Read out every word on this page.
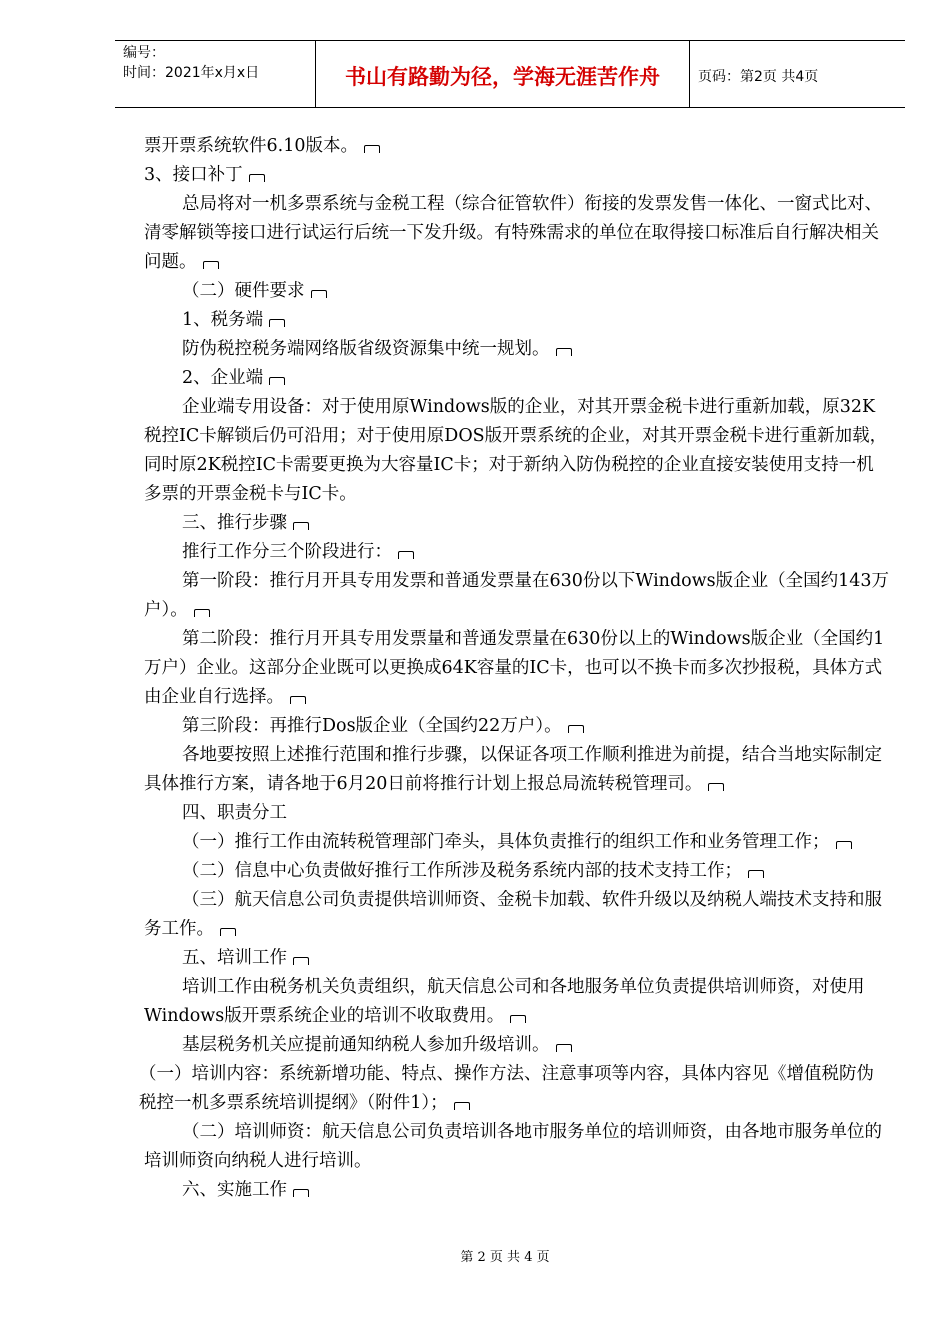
编号：
时间：2021年x月x日	书山有路勤为径，学海无涯苦作舟	页码：第2页 共4页

票开票系统软件6.10版本。

3、接口补丁

总局将对一机多票系统与金税工程（综合征管软件）衔接的发票发售一体化、一窗式比对、清零解锁等接口进行试运行后统一下发升级。有特殊需求的单位在取得接口标准后自行解决相关问题。

（二）硬件要求

1、税务端

防伪税控税务端网络版省级资源集中统一规划。

2、企业端

企业端专用设备：对于使用原Windows版的企业，对其开票金税卡进行重新加载，原32K税控IC卡解锁后仍可沿用；对于使用原DOS版开票系统的企业，对其开票金税卡进行重新加载，同时原2K税控IC卡需要更换为大容量IC卡；对于新纳入防伪税控的企业直接安装使用支持一机多票的开票金税卡与IC卡。

三、推行步骤

推行工作分三个阶段进行：

第一阶段：推行月开具专用发票和普通发票量在630份以下Windows版企业（全国约143万户）。

第二阶段：推行月开具专用发票量和普通发票量在630份以上的Windows版企业（全国约1万户）企业。这部分企业既可以更换成64K容量的IC卡，也可以不换卡而多次抄报税，具体方式由企业自行选择。

第三阶段：再推行Dos版企业（全国约22万户）。

各地要按照上述推行范围和推行步骤，以保证各项工作顺利推进为前提，结合当地实际制定具体推行方案，请各地于6月20日前将推行计划上报总局流转税管理司。

四、职责分工

（一）推行工作由流转税管理部门牵头，具体负责推行的组织工作和业务管理工作；

（二）信息中心负责做好推行工作所涉及税务系统内部的技术支持工作；

（三）航天信息公司负责提供培训师资、金税卡加载、软件升级以及纳税人端技术支持和服务工作。

五、培训工作

培训工作由税务机关负责组织，航天信息公司和各地服务单位负责提供培训师资，对使用Windows版开票系统企业的培训不收取费用。

基层税务机关应提前通知纳税人参加升级培训。

（一）培训内容：系统新增功能、特点、操作方法、注意事项等内容，具体内容见《增值税防伪税控一机多票系统培训提纲》（附件1）；

（二）培训师资：航天信息公司负责培训各地市服务单位的培训师资，由各地市服务单位的培训师资向纳税人进行培训。

六、实施工作

第 2 页 共 4 页
